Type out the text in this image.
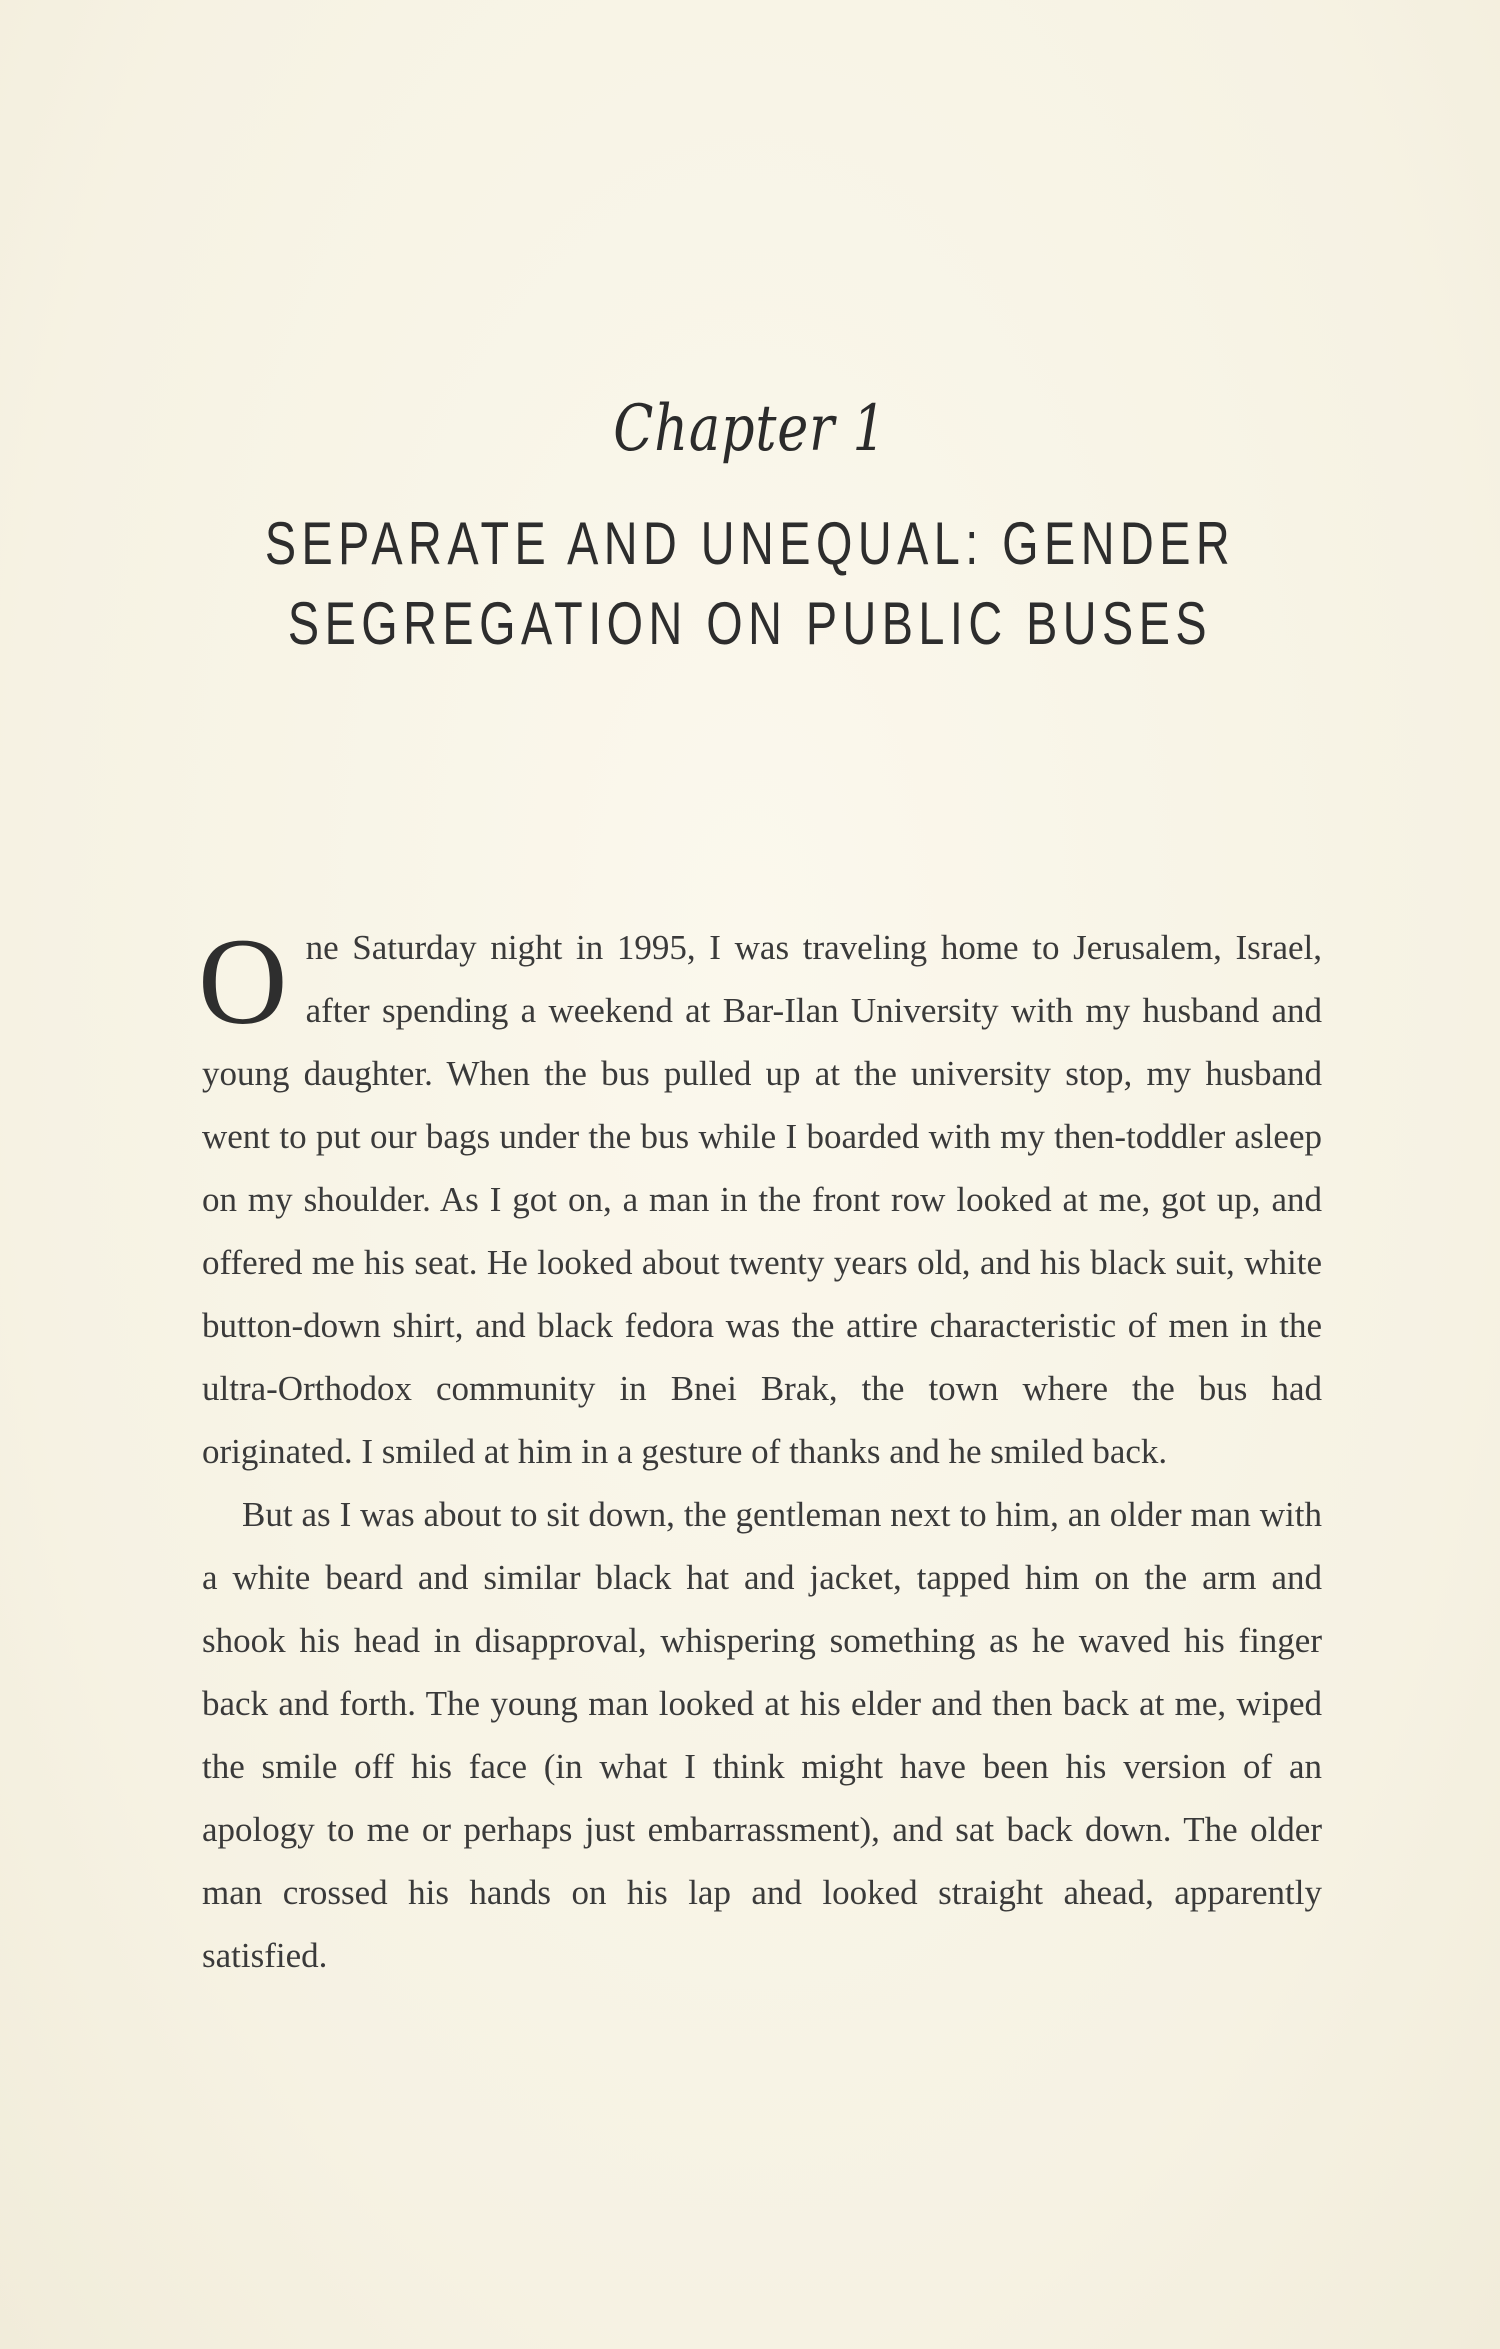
Chapter 1
SEPARATE AND UNEQUAL: GENDER
SEGREGATION ON PUBLIC BUSES

One Saturday night in 1995, I was traveling home to Jerusalem, Israel, after spending a weekend at Bar-Ilan University with my husband and young daughter. When the bus pulled up at the university stop, my husband went to put our bags under the bus while I boarded with my then-toddler asleep on my shoulder. As I got on, a man in the front row looked at me, got up, and offered me his seat. He looked about twenty years old, and his black suit, white button-down shirt, and black fedora was the attire characteristic of men in the ultra-Orthodox community in Bnei Brak, the town where the bus had originated. I smiled at him in a gesture of thanks and he smiled back.

But as I was about to sit down, the gentleman next to him, an older man with a white beard and similar black hat and jacket, tapped him on the arm and shook his head in disapproval, whispering something as he waved his finger back and forth. The young man looked at his elder and then back at me, wiped the smile off his face (in what I think might have been his version of an apology to me or perhaps just embarrassment), and sat back down. The older man crossed his hands on his lap and looked straight ahead, apparently satisfied.
